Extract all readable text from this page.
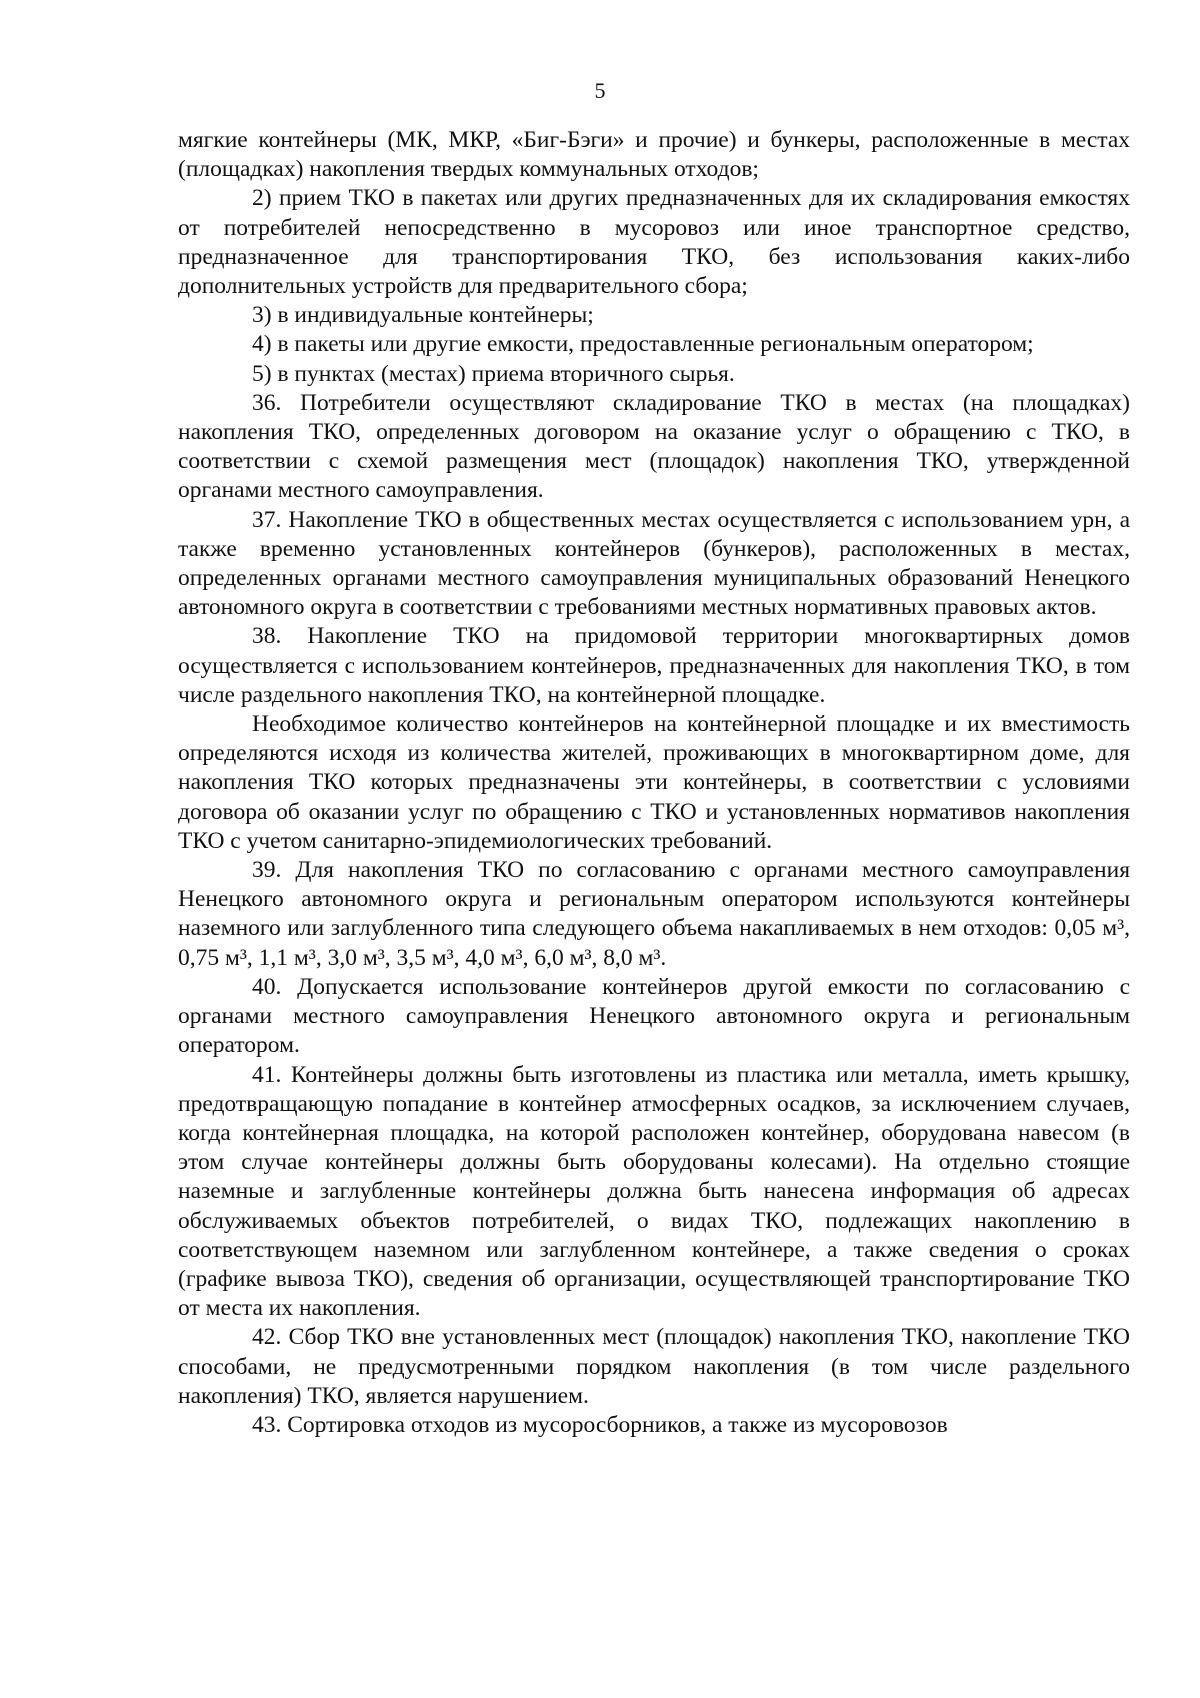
5

мягкие контейнеры (МК, МКР, «Биг-Бэги» и прочие) и бункеры, расположенные в местах (площадках) накопления твердых коммунальных отходов;

2) прием ТКО в пакетах или других предназначенных для их складирования емкостях от потребителей непосредственно в мусоровоз или иное транспортное средство, предназначенное для транспортирования ТКО, без использования каких-либо дополнительных устройств для предварительного сбора;

3) в индивидуальные контейнеры;

4) в пакеты или другие емкости, предоставленные региональным оператором;

5) в пунктах (местах) приема вторичного сырья.

36. Потребители осуществляют складирование ТКО в местах (на площадках) накопления ТКО, определенных договором на оказание услуг о обращению с ТКО, в соответствии с схемой размещения мест (площадок) накопления ТКО, утвержденной органами местного самоуправления.

37. Накопление ТКО в общественных местах осуществляется с использованием урн, а также временно установленных контейнеров (бункеров), расположенных в местах, определенных органами местного самоуправления муниципальных образований Ненецкого автономного округа в соответствии с требованиями местных нормативных правовых актов.

38. Накопление ТКО на придомовой территории многоквартирных домов осуществляется с использованием контейнеров, предназначенных для накопления ТКО, в том числе раздельного накопления ТКО, на контейнерной площадке.

Необходимое количество контейнеров на контейнерной площадке и их вместимость определяются исходя из количества жителей, проживающих в многоквартирном доме, для накопления ТКО которых предназначены эти контейнеры, в соответствии с условиями договора об оказании услуг по обращению с ТКО и установленных нормативов накопления ТКО с учетом санитарно-эпидемиологических требований.

39. Для накопления ТКО по согласованию с органами местного самоуправления Ненецкого автономного округа и региональным оператором используются контейнеры наземного или заглубленного типа следующего объема накапливаемых в нем отходов: 0,05 м³, 0,75 м³, 1,1 м³, 3,0 м³, 3,5 м³, 4,0 м³, 6,0 м³, 8,0 м³.

40. Допускается использование контейнеров другой емкости по согласованию с органами местного самоуправления Ненецкого автономного округа и региональным оператором.

41. Контейнеры должны быть изготовлены из пластика или металла, иметь крышку, предотвращающую попадание в контейнер атмосферных осадков, за исключением случаев, когда контейнерная площадка, на которой расположен контейнер, оборудована навесом (в этом случае контейнеры должны быть оборудованы колесами). На отдельно стоящие наземные и заглубленные контейнеры должна быть нанесена информация об адресах обслуживаемых объектов потребителей, о видах ТКО, подлежащих накоплению в соответствующем наземном или заглубленном контейнере, а также сведения о сроках (графике вывоза ТКО), сведения об организации, осуществляющей транспортирование ТКО от места их накопления.

42. Сбор ТКО вне установленных мест (площадок) накопления ТКО, накопление ТКО способами, не предусмотренными порядком накопления (в том числе раздельного накопления) ТКО, является нарушением.

43. Сортировка отходов из мусоросборников, а также из мусоровозов
